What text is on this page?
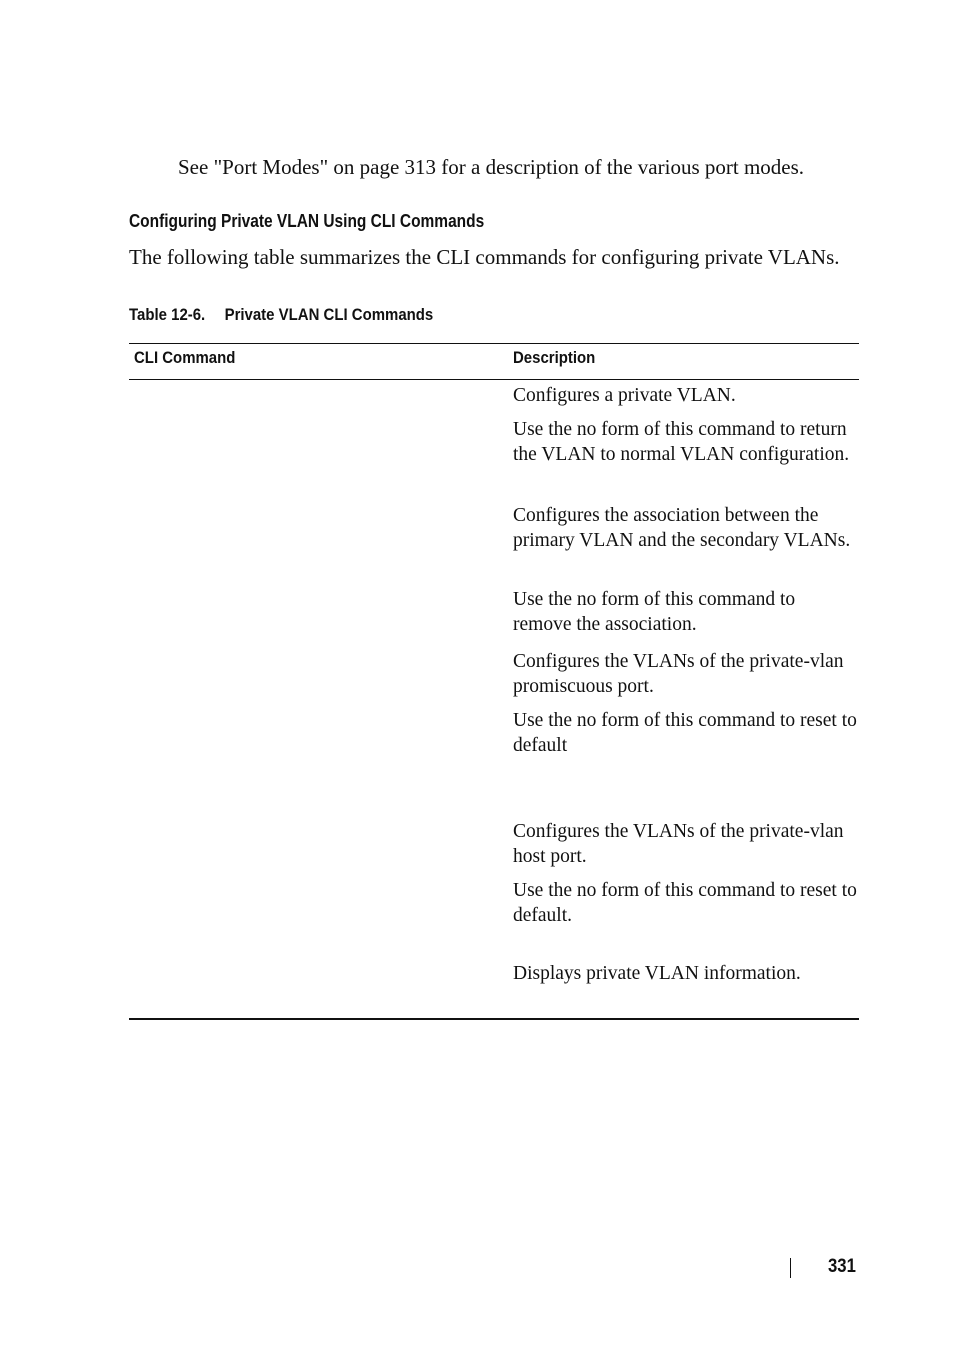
See "Port Modes" on page 313 for a description of the various port modes.

Configuring Private VLAN Using CLI Commands

The following table summarizes the CLI commands for configuring private VLANs.

Table 12-6. Private VLAN CLI Commands
CLI Command	Description

Configures a private VLAN.

Use the no form of this command to return the VLAN to normal VLAN configuration.

Configures the association between the primary VLAN and the secondary VLANs.

Use the no form of this command to remove the association.

Configures the VLANs of the private-vlan promiscuous port.

Use the no form of this command to reset to default

Configures the VLANs of the private-vlan host port.

Use the no form of this command to reset to default.

Displays private VLAN information.

331
